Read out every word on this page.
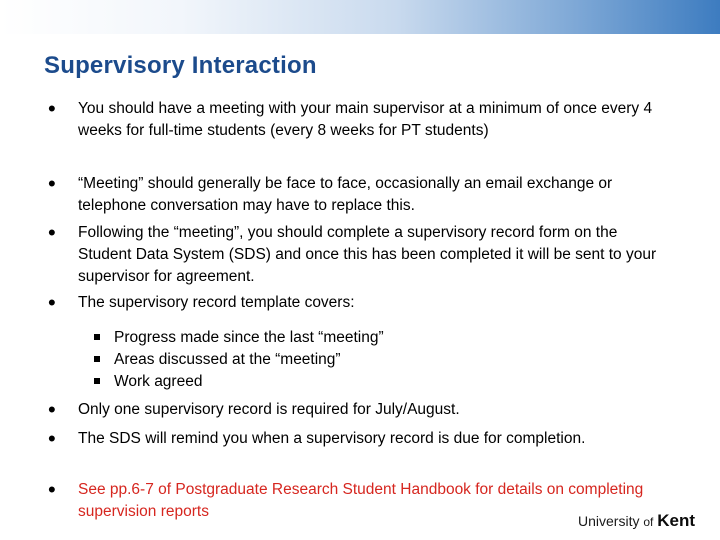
Supervisory Interaction
• You should have a meeting with your main supervisor at a minimum of once every 4 weeks for full-time students (every 8 weeks for PT students)
• “Meeting” should generally be face to face, occasionally an email exchange or telephone conversation may have to replace this.
• Following the “meeting”, you should complete a supervisory record form on the Student Data System (SDS) and once this has been completed it will be sent to your supervisor for agreement.
• The supervisory record template covers:
Progress made since the last “meeting”
Areas discussed at the “meeting”
Work agreed
• Only one supervisory record is required for July/August.
• The SDS will remind you when a supervisory record is due for completion.
• See pp.6-7 of Postgraduate Research Student Handbook for details on completing supervision reports
University of Kent
